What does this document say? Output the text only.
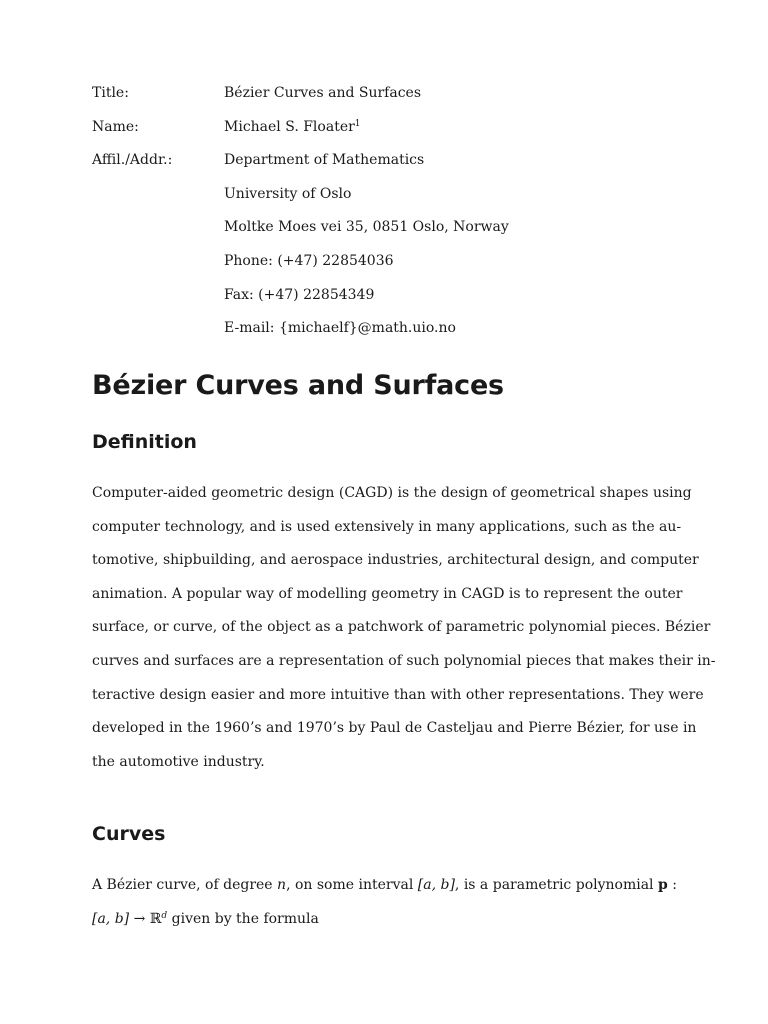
Title:	Bézier Curves and Surfaces
Name:	Michael S. Floater$^1$
Affil./Addr.:	Department of Mathematics
University of Oslo
Moltke Moes vei 35, 0851 Oslo, Norway
Phone: (+47) 22854036
Fax: (+47) 22854349
E-mail: {michaelf}@math.uio.no
Bézier Curves and Surfaces
Definition
Computer-aided geometric design (CAGD) is the design of geometrical shapes using
computer technology, and is used extensively in many applications, such as the au-
tomotive, shipbuilding, and aerospace industries, architectural design, and computer
animation. A popular way of modelling geometry in CAGD is to represent the outer
surface, or curve, of the object as a patchwork of parametric polynomial pieces. Bézier
curves and surfaces are a representation of such polynomial pieces that makes their in-
teractive design easier and more intuitive than with other representations. They were
developed in the 1960’s and 1970’s by Paul de Casteljau and Pierre Bézier, for use in
the automotive industry.
Curves
A Bézier curve, of degree n, on some interval [a, b], is a parametric polynomial p :
[a, b] → ℝ$^d$ given by the formula
